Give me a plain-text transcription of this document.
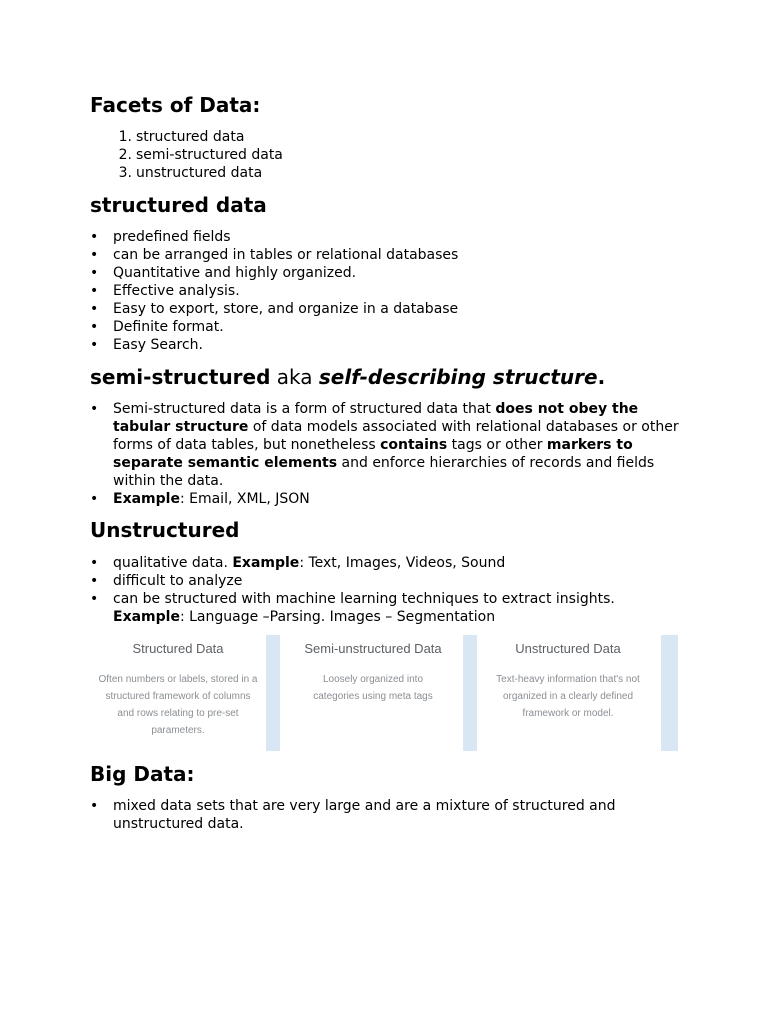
Facets of Data:
1. structured data
2. semi-structured data
3. unstructured data
structured data
• predefined fields
• can be arranged in tables or relational databases
• Quantitative and highly organized.
• Effective analysis.
• Easy to export, store, and organize in a database
• Definite format.
• Easy Search.
semi-structured aka self-describing structure.
• Semi-structured data is a form of structured data that does not obey the tabular structure of data models associated with relational databases or other forms of data tables, but nonetheless contains tags or other markers to separate semantic elements and enforce hierarchies of records and fields within the data.
• Example: Email, XML, JSON
Unstructured
• qualitative data. Example: Text, Images, Videos, Sound
• difficult to analyze
• can be structured with machine learning techniques to extract insights.
Example: Language –Parsing. Images – Segmentation
Structured Data
Often numbers or labels, stored in a structured framework of columns and rows relating to pre-set parameters.
Semi-unstructured Data
Loosely organized into categories using meta tags
Unstructured Data
Text-heavy information that's not organized in a clearly defined framework or model.
Big Data:
• mixed data sets that are very large and are a mixture of structured and unstructured data.
